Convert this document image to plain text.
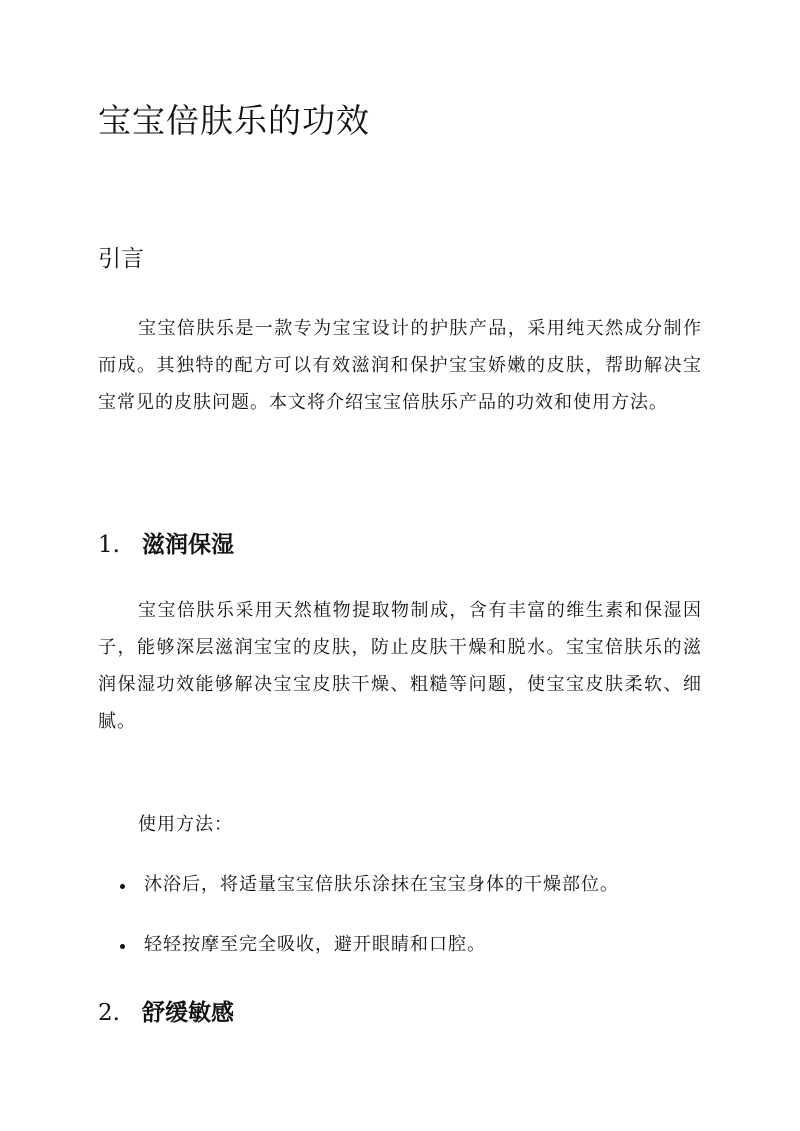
宝宝倍肤乐的功效
引言

宝宝倍肤乐是一款专为宝宝设计的护肤产品，采用纯天然成分制作而成。其独特的配方可以有效滋润和保护宝宝娇嫩的皮肤，帮助解决宝宝常见的皮肤问题。本文将介绍宝宝倍肤乐产品的功效和使用方法。

1. 滋润保湿

宝宝倍肤乐采用天然植物提取物制成，含有丰富的维生素和保湿因子，能够深层滋润宝宝的皮肤，防止皮肤干燥和脱水。宝宝倍肤乐的滋润保湿功效能够解决宝宝皮肤干燥、粗糙等问题，使宝宝皮肤柔软、细腻。

使用方法：

沐浴后，将适量宝宝倍肤乐涂抹在宝宝身体的干燥部位。
轻轻按摩至完全吸收，避开眼睛和口腔。
2. 舒缓敏感
